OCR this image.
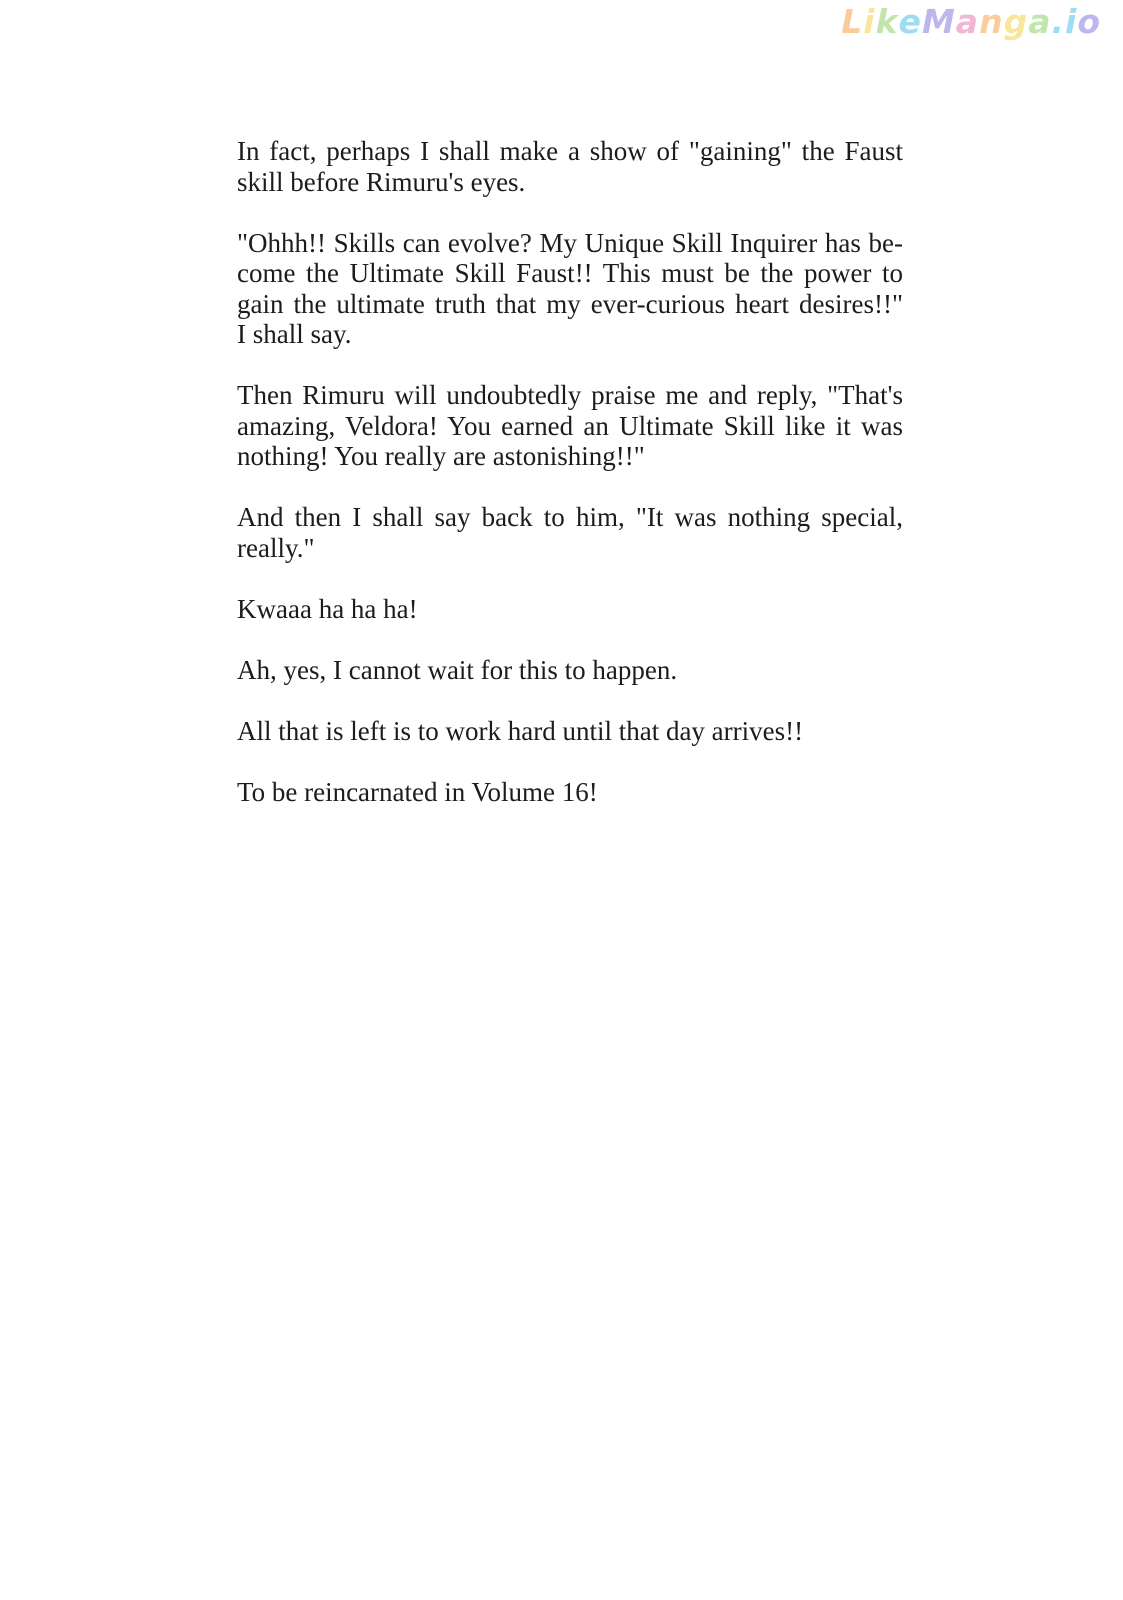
LikeManga.io

In fact, perhaps I shall make a show of "gaining" the Faust
skill before Rimuru's eyes.

"Ohhh!! Skills can evolve? My Unique Skill Inquirer has be-
come the Ultimate Skill Faust!! This must be the power to
gain the ultimate truth that my ever-curious heart desires!!"
I shall say.

Then Rimuru will undoubtedly praise me and reply, "That's
amazing, Veldora! You earned an Ultimate Skill like it was
nothing! You really are astonishing!!"

And then I shall say back to him, "It was nothing special,
really."

Kwaaa ha ha ha!

Ah, yes, I cannot wait for this to happen.

All that is left is to work hard until that day arrives!!

To be reincarnated in Volume 16!
